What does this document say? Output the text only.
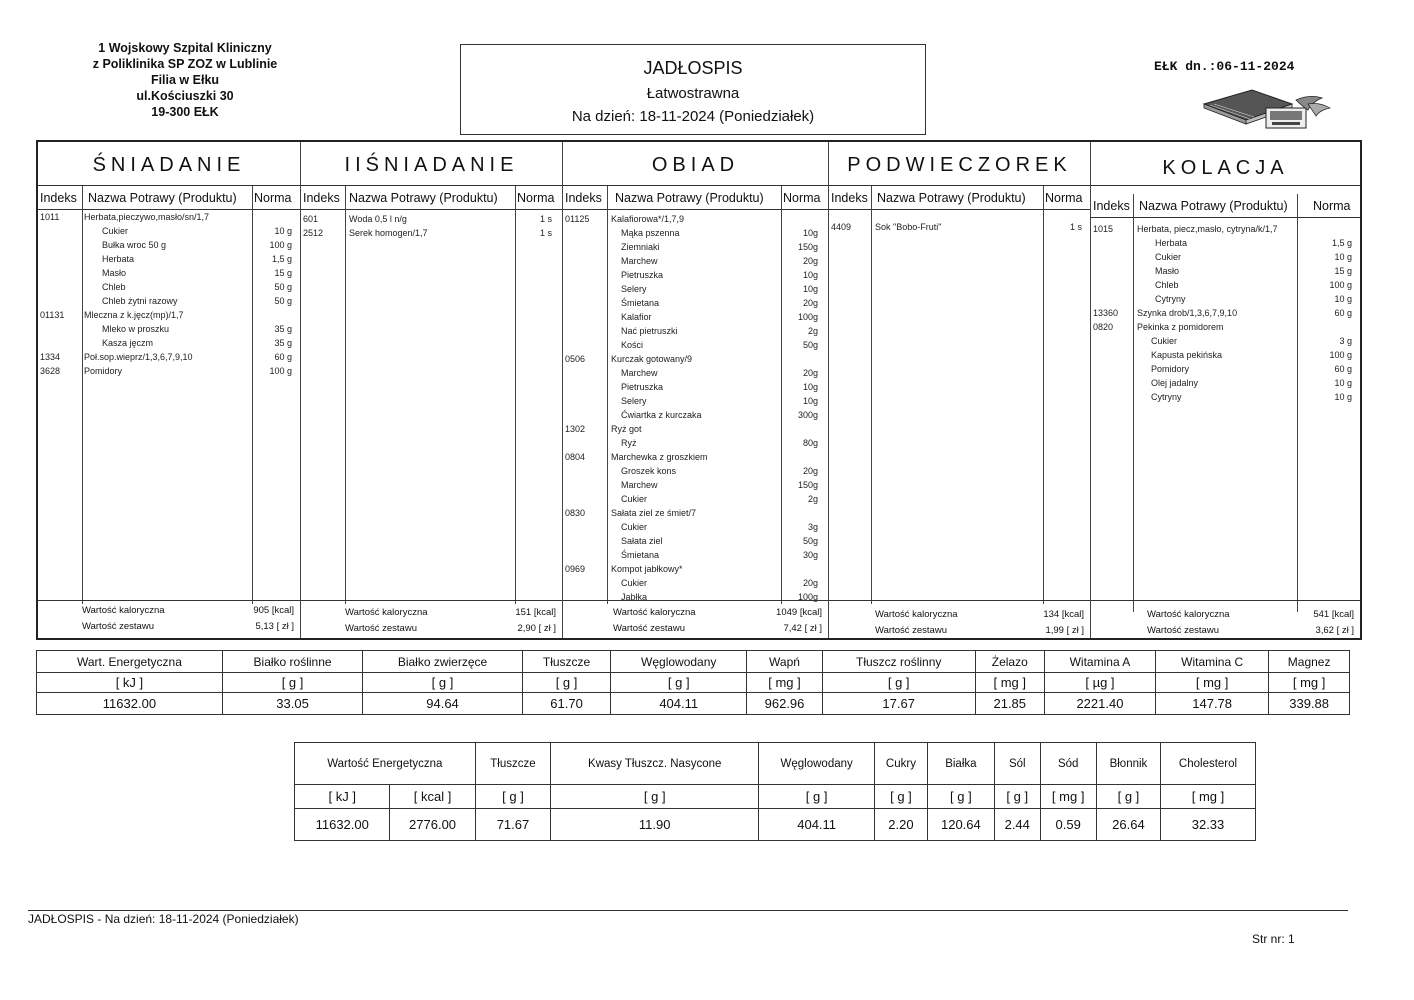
1 Wojskowy Szpital Kliniczny
z Poliklinika SP ZOZ w Lublinie
Filia w Ełku
ul.Kościuszki 30
19-300 EŁK
JADŁOSPIS
Łatwostrawna
Na dzień: 18-11-2024 (Poniedziałek)
EŁK dn.:06-11-2024
ŚNIADANIE
Indeks Nazwa Potrawy (Produktu) Norma
1011	Herbata,pieczywo,masło/sn/1,7
Cukier	10 g
Bułka wroc 50 g	100 g
Herbata	1,5 g
Masło	15 g
Chleb	50 g
Chleb żytni razowy	50 g
01131 Mleczna z k.jęcz(mp)/1,7
Mleko w proszku	35 g
Kasza jęczm	35 g
1334	Poł.sop.wieprz/1,3,6,7,9,10	60 g
3628	Pomidory	100 g
Wartość kaloryczna	905 [kcal]
Wartość zestawu	5,13 [ zł ]
IIŚNIADANIE
Indeks Nazwa Potrawy (Produktu) Norma
601	Woda 0,5 l n/g	1 s
2512	Serek homogen/1,7	1 s
Wartość kaloryczna	151 [kcal]
Wartość zestawu	2,90 [ zł ]
OBIAD
Indeks Nazwa Potrawy (Produktu) Norma
01125 Kalafiorowa*/1,7,9
Mąka pszenna	10g
Ziemniaki	150g
Marchew	20g
Pietruszka	10g
Selery	10g
Śmietana	20g
Kalafior	100g
Nać pietruszki	2g
Kości	50g
0506	Kurczak gotowany/9
Marchew	20g
Pietruszka	10g
Selery	10g
Ćwiartka z kurczaka	300g
1302	Ryż got
Ryż	80g
0804	Marchewka z groszkiem
Groszek kons	20g
Marchew	150g
Cukier	2g
0830	Sałata ziel ze śmiet/7
Cukier	3g
Sałata ziel	50g
Śmietana	30g
0969	Kompot jabłkowy*
Cukier	20g
Jabłka	100g
Wartość kaloryczna	1049 [kcal]
Wartość zestawu	7,42 [ zł ]
PODWIECZOREK
Indeks Nazwa Potrawy (Produktu) Norma
4409	Sok "Bobo-Fruti"	1 s
Wartość kaloryczna	134 [kcal]
Wartość zestawu	1,99 [ zł ]
KOLACJA
Indeks Nazwa Potrawy (Produktu) Norma
1015	Herbata, piecz,masło, cytryna/k/1,7
Herbata	1,5 g
Cukier	10 g
Masło	15 g
Chleb	100 g
Cytryny	10 g
13360 Szynka drob/1,3,6,7,9,10	60 g
0820	Pekinka z pomidorem
Cukier	3 g
Kapusta pekińska	100 g
Pomidory	60 g
Olej jadalny	10 g
Cytryny	10 g
Wartość kaloryczna	541 [kcal]
Wartość zestawu	3,62 [ zł ]
Wart. Energetyczna	Białko roślinne	Białko zwierzęce	Tłuszcze	Węglowodany	Wapń	Tłuszcz roślinny	Żelazo	Witamina A	Witamina C	Magnez
[ kJ ]	[ g ]	[ g ]	[ g ]	[ g ]	[ mg ]	[ g ]	[ mg ]	[ µg ]	[ mg ]	[ mg ]
11632.00	33.05	94.64	61.70	404.11	962.96	17.67	21.85	2221.40	147.78	339.88
Wartość Energetyczna		Tłuszcze	Kwasy Tłuszcz. Nasycone	Węglowodany	Cukry	Białka	Sól	Sód	Błonnik	Cholesterol
[ kJ ]	[ kcal ]	[ g ]	[ g ]	[ g ]	[ g ]	[ g ]	[ g ]	[ mg ]	[ g ]	[ mg ]
11632.00	2776.00	71.67	11.90	404.11	2.20	120.64	2.44	0.59	26.64	32.33
JADŁOSPIS - Na dzień: 18-11-2024 (Poniedziałek)
Str nr: 1
